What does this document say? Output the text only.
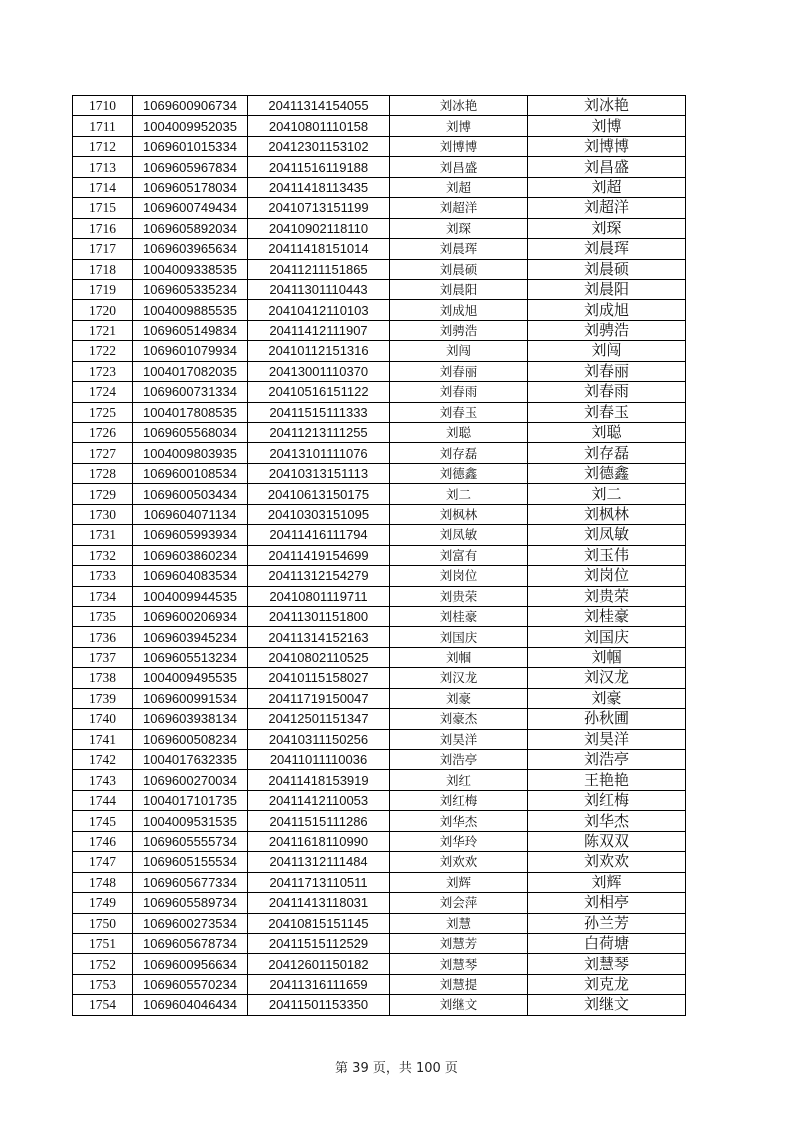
1710	1069600906734	20411314154055	刘冰艳	刘冰艳
1711	1004009952035	20410801110158	刘博	刘博
1712	1069601015334	20412301153102	刘博博	刘博博
1713	1069605967834	20411516119188	刘昌盛	刘昌盛
1714	1069605178034	20411418113435	刘超	刘超
1715	1069600749434	20410713151199	刘超洋	刘超洋
1716	1069605892034	20410902118110	刘琛	刘琛
1717	1069603965634	20411418151014	刘晨珲	刘晨珲
1718	1004009338535	20411211151865	刘晨硕	刘晨硕
1719	1069605335234	20411301110443	刘晨阳	刘晨阳
1720	1004009885535	20410412110103	刘成旭	刘成旭
1721	1069605149834	20411412111907	刘骋浩	刘骋浩
1722	1069601079934	20410112151316	刘闯	刘闯
1723	1004017082035	20413001110370	刘春丽	刘春丽
1724	1069600731334	20410516151122	刘春雨	刘春雨
1725	1004017808535	20411515111333	刘春玉	刘春玉
1726	1069605568034	20411213111255	刘聪	刘聪
1727	1004009803935	20413101111076	刘存磊	刘存磊
1728	1069600108534	20410313151113	刘德鑫	刘德鑫
1729	1069600503434	20410613150175	刘二	刘二
1730	1069604071134	20410303151095	刘枫林	刘枫林
1731	1069605993934	20411416111794	刘凤敏	刘凤敏
1732	1069603860234	20411419154699	刘富有	刘玉伟
1733	1069604083534	20411312154279	刘岗位	刘岗位
1734	1004009944535	20410801119711	刘贵荣	刘贵荣
1735	1069600206934	20411301151800	刘桂豪	刘桂豪
1736	1069603945234	20411314152163	刘国庆	刘国庆
1737	1069605513234	20410802110525	刘帼	刘帼
1738	1004009495535	20410115158027	刘汉龙	刘汉龙
1739	1069600991534	20411719150047	刘豪	刘豪
1740	1069603938134	20412501151347	刘豪杰	孙秋圃
1741	1069600508234	20410311150256	刘昊洋	刘昊洋
1742	1004017632335	20411011110036	刘浩亭	刘浩亭
1743	1069600270034	20411418153919	刘红	王艳艳
1744	1004017101735	20411412110053	刘红梅	刘红梅
1745	1004009531535	20411515111286	刘华杰	刘华杰
1746	1069605555734	20411618110990	刘华玲	陈双双
1747	1069605155534	20411312111484	刘欢欢	刘欢欢
1748	1069605677334	20411713110511	刘辉	刘辉
1749	1069605589734	20411413118031	刘会萍	刘相亭
1750	1069600273534	20410815151145	刘慧	孙兰芳
1751	1069605678734	20411515112529	刘慧芳	白荷塘
1752	1069600956634	20412601150182	刘慧琴	刘慧琴
1753	1069605570234	20411316111659	刘慧提	刘克龙
1754	1069604046434	20411501153350	刘继文	刘继文
第 39 页，共 100 页
